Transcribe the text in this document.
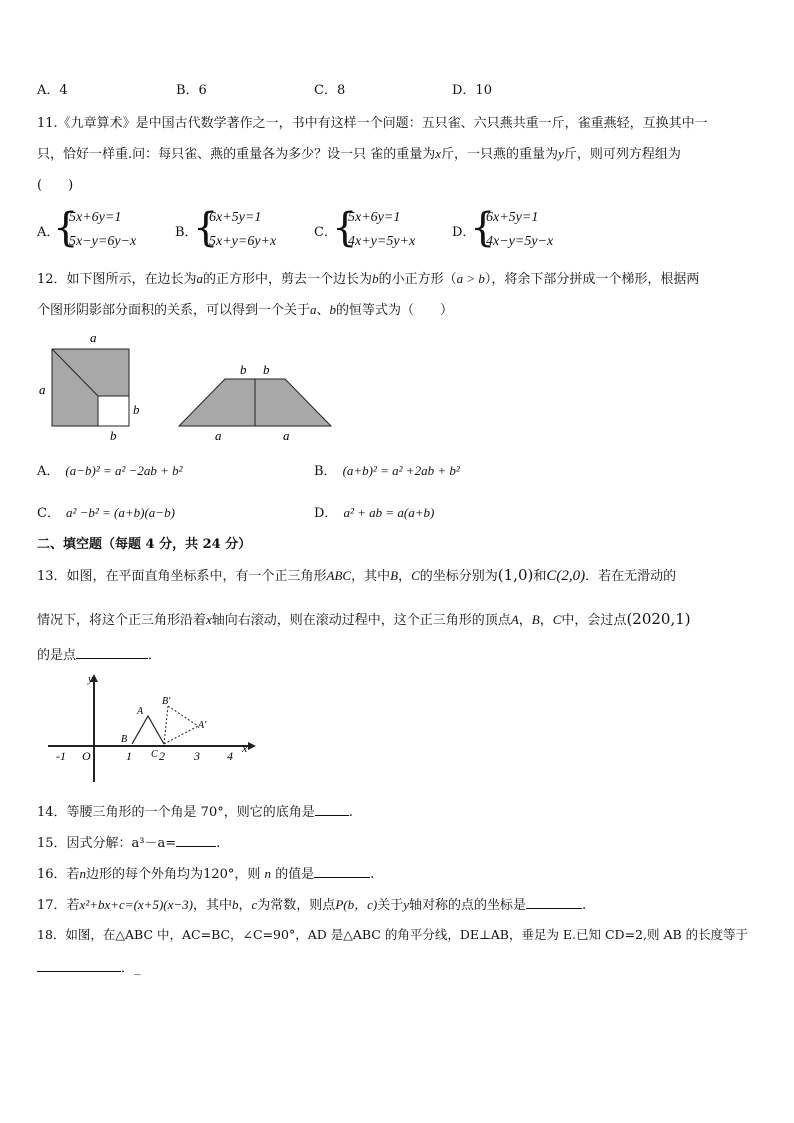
A．4	B．6	C．8	D．10
11.《九章算术》是中国古代数学著作之一，书中有这样一个问题：五只雀、六只燕共重一斤，雀重燕轻，互换其中一
只，恰好一样重.问：每只雀、燕的重量各为多少？设一只 雀的重量为x斤，一只燕的重量为y斤，则可列方程组为
(　　)
A．
{
5x+6y=1
5x−y=6y−x
B．
{
6x+5y=1
5x+y=6y+x
C．
{
5x+6y=1
4x+y=5y+x
D．
{
6x+5y=1
4x−y=5y−x
12．如下图所示，在边长为a的正方形中，剪去一个边长为b的小正方形（a > b），将余下部分拼成一个梯形，根据两
个图形阴影部分面积的关系，可以得到一个关于a、b的恒等式为（　　）
a
a
b
b
b b
a	a
A． (a−b)² = a² −2ab + b²	B． (a+b)² = a² +2ab + b²
C． a² −b² = (a+b)(a−b)	D． a² + ab = a(a+b)
二、填空题（每题 4 分，共 24 分）
13．如图，在平面直角坐标系中，有一个正三角形ABC，其中B，C的坐标分别为(1,0)和C(2,0)．若在无滑动的
情况下，将这个正三角形沿着x轴向右滚动，则在滚动过程中，这个正三角形的顶点A，B，C中，会过点(2020,1)
的是点	．
y
x
-1 O	1 2 3 4
A
B
C
B'
A'
14．等腰三角形的一个角是 70°，则它的底角是	.
15．因式分解：a³－a=	.
16．若n边形的每个外角均为120°，则 n 的值是	.
17．若x²+bx+c=(x+5)(x−3)，其中b，c为常数，则点P(b，c)关于y轴对称的点的坐标是	.
18．如图，在△ABC 中，AC=BC，∠C=90°，AD 是△ABC 的角平分线，DE⊥AB，垂足为 E.已知 CD=2,则 AB 的长度等于
．_
